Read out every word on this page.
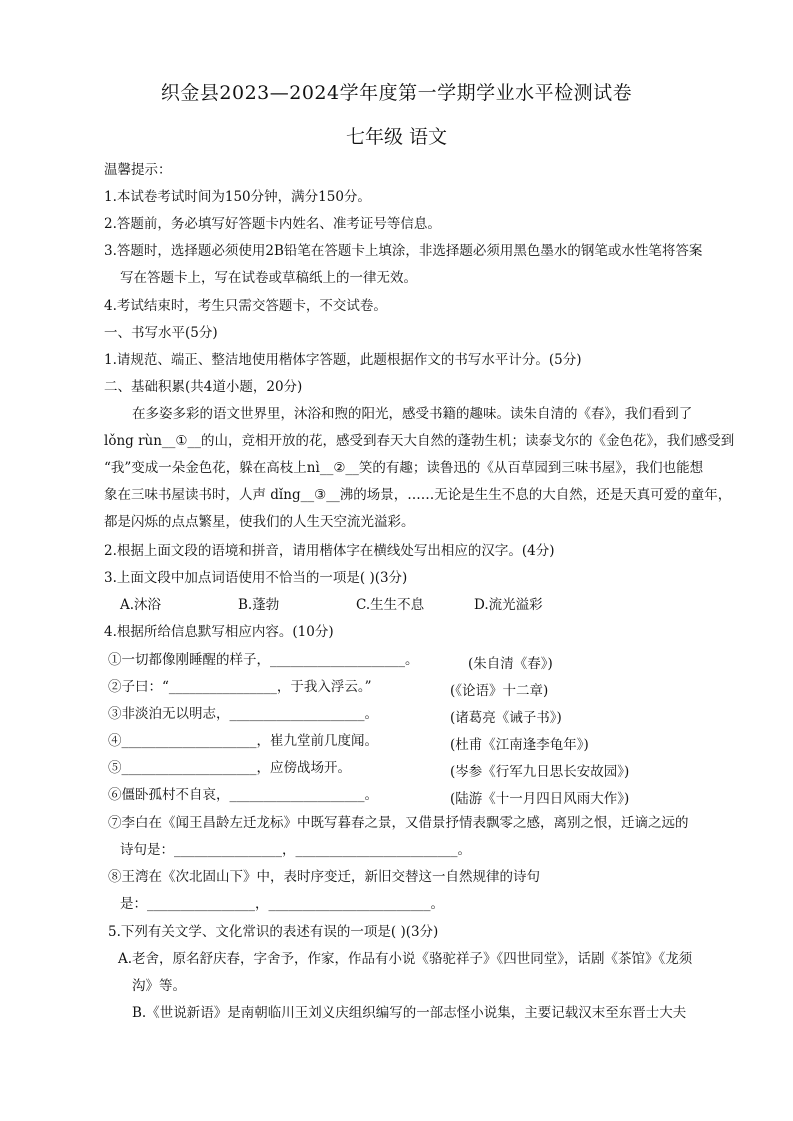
织金县2023—2024学年度第一学期学业水平检测试卷
七年级 语文
温馨提示：
1.本试卷考试时间为150分钟，满分150分。
2.答题前，务必填写好答题卡内姓名、准考证号等信息。
3.答题时，选择题必须使用2B铅笔在答题卡上填涂，非选择题必须用黑色墨水的钢笔或水性笔将答案
写在答题卡上，写在试卷或草稿纸上的一律无效。
4.考试结束时，考生只需交答题卡，不交试卷。
一、书写水平(5分)
1.请规范、端正、整洁地使用楷体字答题，此题根据作文的书写水平计分。(5分)
二、基础积累(共4道小题，20分)
在多姿多彩的语文世界里，沐浴和煦的阳光，感受书籍的趣味。读朱自清的《春》，我们看到了
lǒng rùn__①__的山，竞相开放的花，感受到春天大自然的蓬勃生机；读泰戈尔的《金色花》，我们感受到
“我”变成一朵金色花，躲在高枝上nì__②__笑的有趣；读鲁迅的《从百草园到三味书屋》，我们也能想
象在三味书屋读书时，人声 dǐng__③__沸的场景，……无论是生生不息的大自然，还是天真可爱的童年，
都是闪烁的点点繁星，使我们的人生天空流光溢彩。
2.根据上面文段的语境和拼音，请用楷体字在横线处写出相应的汉字。(4分)
3.上面文段中加点词语使用不恰当的一项是( )(3分)
A.沐浴	B.蓬勃	C.生生不息	D.流光溢彩
4.根据所给信息默写相应内容。(10分)
①一切都像刚睡醒的样子，____________________。	(朱自清《春》)
②子曰：“________________，于我入浮云。”	(《论语》十二章)
③非淡泊无以明志，____________________。	(诸葛亮《诫子书》)
④____________________，崔九堂前几度闻。	(杜甫《江南逢李龟年》)
⑤____________________，应傍战场开。	(岑参《行军九日思长安故园》)
⑥僵卧孤村不自哀，____________________。	(陆游《十一月四日风雨大作》)
⑦李白在《闻王昌龄左迁龙标》中既写暮春之景，又借景抒情表飘零之感，离别之恨，迁谪之远的
诗句是：________________，________________________。
⑧王湾在《次北固山下》中，表时序变迁，新旧交替这一自然规律的诗句
是：________________，________________________。
5.下列有关文学、文化常识的表述有误的一项是( )(3分)
A.老舍，原名舒庆春，字舍予，作家，作品有小说《骆驼祥子》《四世同堂》，话剧《茶馆》《龙须
沟》等。
B.《世说新语》是南朝临川王刘义庆组织编写的一部志怪小说集，主要记载汉末至东晋士大夫
